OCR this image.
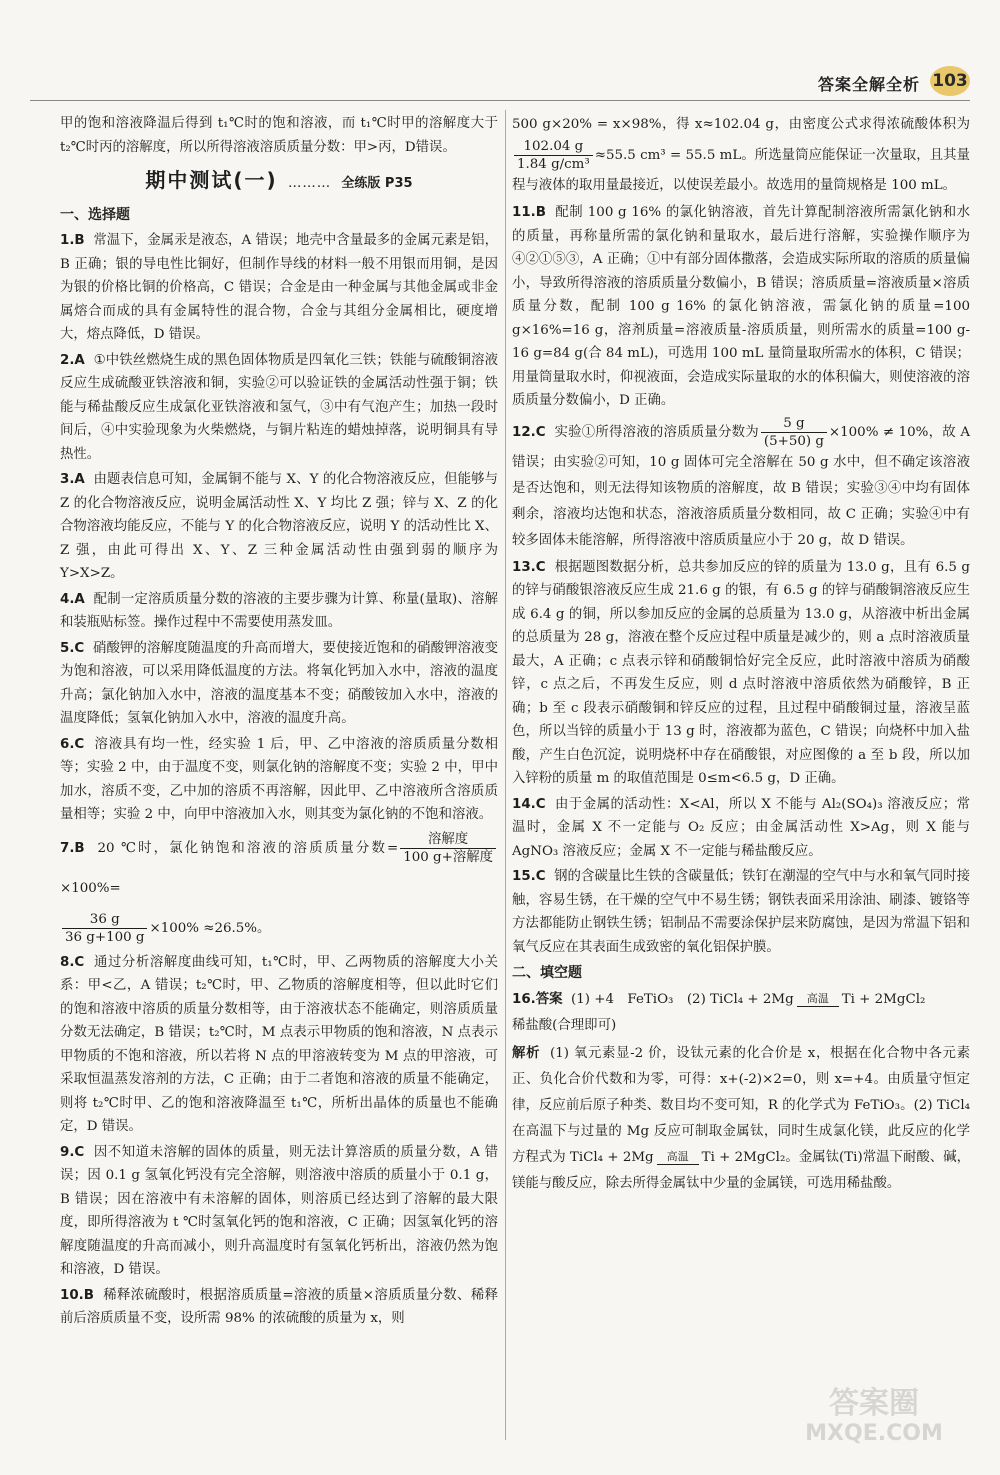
答案全解全析 103

甲的饱和溶液降温后得到 t₁℃时的饱和溶液，而 t₁℃时甲的溶解度大于 t₂℃时丙的溶解度，所以所得溶液溶质质量分数：甲>丙，D错误。

期中测试(一) ……… 全练版 P35
一、选择题

1.B 常温下，金属汞是液态，A 错误；地壳中含量最多的金属元素是铝，B 正确；银的导电性比铜好，但制作导线的材料一般不用银而用铜，是因为银的价格比铜的价格高，C 错误；合金是由一种金属与其他金属或非金属熔合而成的具有金属特性的混合物，合金与其组分金属相比，硬度增大，熔点降低，D 错误。

2.A ①中铁丝燃烧生成的黑色固体物质是四氧化三铁；铁能与硫酸铜溶液反应生成硫酸亚铁溶液和铜，实验②可以验证铁的金属活动性强于铜；铁能与稀盐酸反应生成氯化亚铁溶液和氢气，③中有气泡产生；加热一段时间后，④中实验现象为火柴燃烧，与铜片粘连的蜡烛掉落，说明铜具有导热性。

3.A 由题表信息可知，金属铜不能与 X、Y 的化合物溶液反应，但能够与 Z 的化合物溶液反应，说明金属活动性 X、Y 均比 Z 强；锌与 X、Z 的化合物溶液均能反应，不能与 Y 的化合物溶液反应，说明 Y 的活动性比 X、Z 强，由此可得出 X、Y、Z 三种金属活动性由强到弱的顺序为 Y>X>Z。

4.A 配制一定溶质质量分数的溶液的主要步骤为计算、称量(量取)、溶解和装瓶贴标签。操作过程中不需要使用蒸发皿。

5.C 硝酸钾的溶解度随温度的升高而增大，要使接近饱和的硝酸钾溶液变为饱和溶液，可以采用降低温度的方法。将氧化钙加入水中，溶液的温度升高；氯化钠加入水中，溶液的温度基本不变；硝酸铵加入水中，溶液的温度降低；氢氧化钠加入水中，溶液的温度升高。

6.C 溶液具有均一性，经实验 1 后，甲、乙中溶液的溶质质量分数相等；实验 2 中，由于温度不变，则氯化钠的溶解度不变；实验 2 中，甲中加水，溶质不变，乙中加的溶质不再溶解，因此甲、乙中溶液所含溶质质量相等；实验 2 中，向甲中溶液加入水，则其变为氯化钠的不饱和溶液。

7.B 20 ℃时，氯化钠饱和溶液的溶质质量分数= $\frac{\text{溶解度}}{\text{100 g+溶解度}}$
×100%=

$\frac{36 g}{36 g+100 g} \times 100\% \approx 26.5\%$。

8.C 通过分析溶解度曲线可知，t₁℃时，甲、乙两物质的溶解度大小关系：甲<乙，A 错误；t₂℃时，甲、乙物质的溶解度相等，但以此时它们的饱和溶液中溶质的质量分数相等，由于溶液状态不能确定，则溶质质量分数无法确定，B 错误；t₂℃时，M 点表示甲物质的饱和溶液，N 点表示甲物质的不饱和溶液，所以若将 N 点的甲溶液转变为 M 点的甲溶液，可采取恒温蒸发溶剂的方法，C 正确；由于二者饱和溶液的质量不能确定，则将 t₂℃时甲、乙的饱和溶液降温至 t₁℃，所析出晶体的质量也不能确定，D 错误。

9.C 因不知道未溶解的固体的质量，则无法计算溶质的质量分数，A 错误；因 0.1 g 氢氧化钙没有完全溶解，则溶液中溶质的质量小于 0.1 g，B 错误；因在溶液中有未溶解的固体，则溶质已经达到了溶解的最大限度，即所得溶液为 t ℃时氢氧化钙的饱和溶液，C 正确；因氢氧化钙的溶解度随温度的升高而减小，则升高温度时有氢氧化钙析出，溶液仍然为饱和溶液，D 错误。

10.B 稀释浓硫酸时，根据溶质质量=溶液的质量×溶质质量分数、稀释前后溶质质量不变，设所需 98% 的浓硫酸的质量为 x，则

500 g×20% = x×98%，得 x≈102.04 g，由密度公式求得浓硫酸体积为
$\frac{102.04 g}{\text{1.84 g/cm³}} \approx 55.5$ cm³ = 55.5 mL。所选量筒应能保证一次量取，且其量程与液体的取用量最接近，以使误差最小。故选用的量筒规格是 100 mL。

11.B 配制 100 g 16% 的氯化钠溶液，首先计算配制溶液所需氯化钠和水的质量，再称量所需的氯化钠和量取水，最后进行溶解，实验操作顺序为④②①⑤③，A 正确；①中有部分固体撒落，会造成实际所取的溶质的质量偏小，导致所得溶液的溶质质量分数偏小，B 错误；溶质质量=溶液质量×溶质质量分数，配制 100 g 16% 的氯化钠溶液，需氯化钠的质量=100 g×16%=16 g，溶剂质量=溶液质量-溶质质量，则所需水的质量=100 g-16 g=84 g(合 84 mL)，可选用 100 mL 量筒量取所需水的体积，C 错误；用量筒量取水时，仰视液面，会造成实际量取的水的体积偏大，则使溶液的溶质质量分数偏小，D 正确。

12.C 实验①所得溶液的溶质质量分数为 $\frac{5 g}{(5+50) g} \times 100\% \ne 10\%$，故 A 错误；由实验②可知，10 g 固体可完全溶解在 50 g 水中，但不确定该溶液是否达饱和，则无法得知该物质的溶解度，故 B 错误；实验③④中均有固体剩余，溶液均达饱和状态，溶液溶质质量分数相同，故 C 正确；实验④中有较多固体未能溶解，所得溶液中溶质质量应小于 20 g，故 D 错误。

13.C 根据题图数据分析，总共参加反应的锌的质量为 13.0 g，且有 6.5 g 的锌与硝酸银溶液反应生成 21.6 g 的银，有 6.5 g 的锌与硝酸铜溶液反应生成 6.4 g 的铜，所以参加反应的金属的总质量为 13.0 g，从溶液中析出金属的总质量为 28 g，溶液在整个反应过程中质量是减少的，则 a 点时溶液质量最大，A 正确；c 点表示锌和硝酸铜恰好完全反应，此时溶液中溶质为硝酸锌，c 点之后，不再发生反应，则 d 点时溶液中溶质依然为硝酸锌，B 正确；b 至 c 段表示硝酸铜和锌反应的过程，且过程中硝酸铜过量，溶液呈蓝色，所以当锌的质量小于 13 g 时，溶液都为蓝色，C 错误；向烧杯中加入盐酸，产生白色沉淀，说明烧杯中存在硝酸银，对应图像的 a 至 b 段，所以加入锌粉的质量 m 的取值范围是 0≤m<6.5 g，D 正确。

14.C 由于金属的活动性：X<Al，所以 X 不能与 Al₂(SO₄)₃ 溶液反应；常温时，金属 X 不一定能与 O₂ 反应；由金属活动性 X>Ag，则 X 能与 AgNO₃ 溶液反应；金属 X 不一定能与稀盐酸反应。

15.C 钢的含碳量比生铁的含碳量低；铁钉在潮湿的空气中与水和氧气同时接触，容易生锈，在干燥的空气中不易生锈；钢铁表面采用涂油、刷漆、镀铬等方法都能防止钢铁生锈；铝制品不需要涂保护层来防腐蚀，是因为常温下铝和氧气反应在其表面生成致密的氧化铝保护膜。

二、填空题

16.答案 (1) +4　FeTiO₃　(2) TiCl₄ + 2Mg	高温 Ti + 2MgCl₂
稀盐酸(合理即可)

解析 (1) 氧元素显-2 价，设钛元素的化合价是 x，根据在化合物中各元素正、负化合价代数和为零，可得：x+(-2)×2=0，则 x=+4。由质量守恒定律，反应前后原子种类、数目均不变可知，R 的化学式为 FeTiO₃。(2) TiCl₄ 在高温下与过量的 Mg 反应可制取金属钛，同时生成氯化镁，此反应的化学方程式为 TiCl₄ + 2Mg	高温 Ti + 2MgCl₂。金属钛(Ti)常温下耐酸、碱，镁能与酸反应，除去所得金属钛中少量的金属镁，可选用稀盐酸。

答案圈
MXQE.COM
